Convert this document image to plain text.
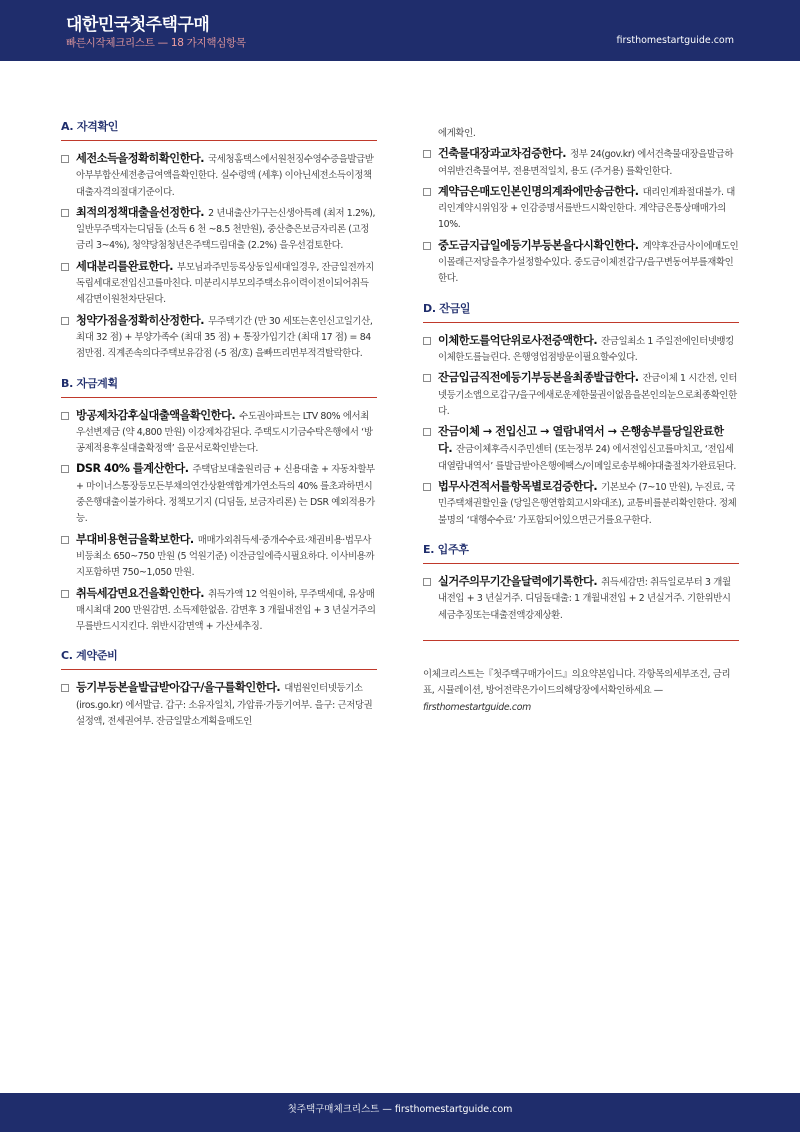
대한민국첫주택구매
빠른시작체크리스트 — 18 가지핵심항목	firsthomestartguide.com
A. 자격확인
세전소득을정확히확인한다. 국세청홈택스에서원천징수영수증을발급받아부부합산세전총급여액을확인한다. 실수령액 (세후) 이아닌세전소득이정책대출자격의절대기준이다.
최적의정책대출을선정한다. 2 년내출산가구는신생아특례 (최저 1.2%), 일반무주택자는디딤돌 (소득 6 천 ~8.5 천만원), 중산층은보금자리론 (고정금리 3~4%), 청약당첨청년은주택드림대출 (2.2%) 을우선검토한다.
세대분리를완료한다. 부모님과주민등록상동일세대일경우, 잔금일전까지독립세대로전입신고를마친다. 미분리시부모의주택소유이력이전이되어취득세감면이원천차단된다.
청약가점을정확히산정한다. 무주택기간 (만 30 세또는혼인신고일기산, 최대 32 점) + 부양가족수 (최대 35 점) + 통장가입기간 (최대 17 점) = 84 점만점. 직계존속의다주택보유감점 (-5 점/호) 을빠뜨리면부적격탈락한다.
B. 자금계획
방공제차감후실대출액을확인한다. 수도권아파트는 LTV 80% 에서최우선변제금 (약 4,800 만원) 이강제차감된다. 주택도시기금수탁은행에서 ‘방공제적용후실대출확정액’ 을문서로확인받는다.
DSR 40% 를계산한다. 주택담보대출원리금 + 신용대출 + 자동차할부 + 마이너스통장등모든부채의연간상환액합계가연소득의 40% 를초과하면시중은행대출이불가하다. 정책모기지 (디딤돌, 보금자리론) 는 DSR 예외적용가능.
부대비용현금을확보한다. 매매가외취득세·중개수수료·채권비용·법무사비등최소 650~750 만원 (5 억원기준) 이잔금일에즉시필요하다. 이사비용까지포함하면 750~1,050 만원.
취득세감면요건을확인한다. 취득가액 12 억원이하, 무주택세대, 유상매매시최대 200 만원감면. 소득제한없음. 감면후 3 개월내전입 + 3 년실거주의무를반드시지킨다. 위반시감면액 + 가산세추징.
C. 계약준비
등기부등본을발급받아갑구/을구를확인한다. 대법원인터넷등기소 (iros.go.kr) 에서발급. 갑구: 소유자일치, 가압류·가등기여부. 을구: 근저당권설정액, 전세권여부. 잔금일말소계획을매도인
에게확인.
건축물대장과교차검증한다. 정부 24(gov.kr) 에서건축물대장을발급하여위반건축물여부, 전용면적일치, 용도 (주거용) 를확인한다.
계약금은매도인본인명의계좌에만송금한다. 대리인계좌절대불가. 대리인계약시위임장 + 인감증명서를반드시확인한다. 계약금은통상매매가의 10%.
중도금지급일에등기부등본을다시확인한다. 계약후잔금사이에매도인이몰래근저당을추가설정할수있다. 중도금이체전갑구/을구변동여부를재확인한다.
D. 잔금일
이체한도를억단위로사전증액한다. 잔금일최소 1 주일전에인터넷뱅킹이체한도를늘린다. 은행영업점방문이필요할수있다.
잔금입금직전에등기부등본을최종발급한다. 잔금이체 1 시간전, 인터넷등기소앱으로갑구/을구에새로운제한물권이없음을본인의눈으로최종확인한다.
잔금이체 → 전입신고 → 열람내역서 → 은행송부를당일완료한다. 잔금이체후즉시주민센터 (또는정부 24) 에서전입신고를마치고, ‘전입세대열람내역서’ 를발급받아은행에팩스/이메일로송부해야대출절차가완료된다.
법무사견적서를항목별로검증한다. 기본보수 (7~10 만원), 누진료, 국민주택채권할인율 (당일은행연합회고시와대조), 교통비를분리확인한다. 정체불명의 ‘대행수수료’ 가포함되어있으면근거를요구한다.
E. 입주후
실거주의무기간을달력에기록한다. 취득세감면: 취득일로부터 3 개월내전입 + 3 년실거주. 디딤돌대출: 1 개월내전입 + 2 년실거주. 기한위반시세금추징또는대출전액강제상환.
이체크리스트는『첫주택구매가이드』의요약본입니다. 각항목의세부조건, 금리표, 시뮬레이션, 방어전략은가이드의해당장에서확인하세요 — firsthomestartguide.com
첫주택구매체크리스트 — firsthomestartguide.com
